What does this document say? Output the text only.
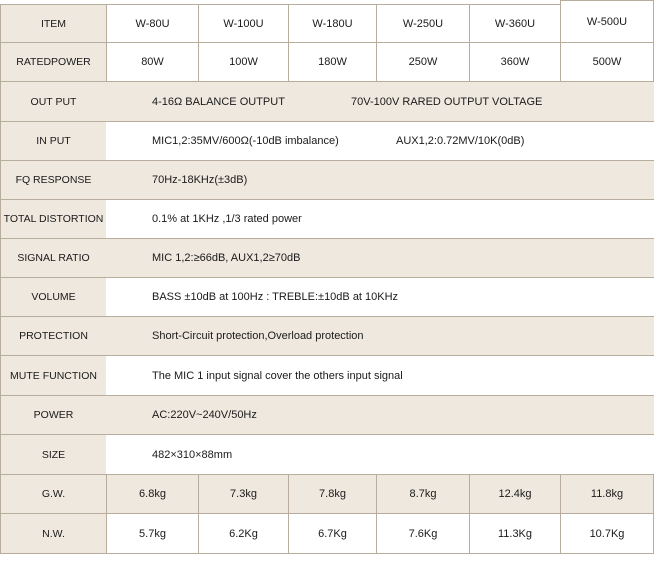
ITEM	W-80U	W-100U	W-180U	W-250U	W-360U	W-500U
RATEDPOWER	80W	100W	180W	250W	360W	500W
OUT PUT	4-16Ω BALANCE OUTPUT	70V-100V RARED OUTPUT VOLTAGE
IN PUT	MIC1,2:35MV/600Ω(-10dB imbalance)	AUX1,2:0.72MV/10K(0dB)
FQ RESPONSE	70Hz-18KHz(±3dB)
TOTAL DISTORTION	0.1% at 1KHz ,1/3 rated power
SIGNAL RATIO	MIC 1,2:≥66dB, AUX1,2≥70dB
VOLUME	BASS ±10dB at 100Hz : TREBLE:±10dB at 10KHz
PROTECTION	Short-Circuit protection,Overload protection
MUTE FUNCTION	The MIC 1 input signal cover the others input signal
POWER	AC:220V~240V/50Hz
SIZE	482×310×88mm
G.W.	6.8kg	7.3kg	7.8kg	8.7kg	12.4kg	11.8kg
N.W.	5.7kg	6.2Kg	6.7Kg	7.6Kg	11.3Kg	10.7Kg
